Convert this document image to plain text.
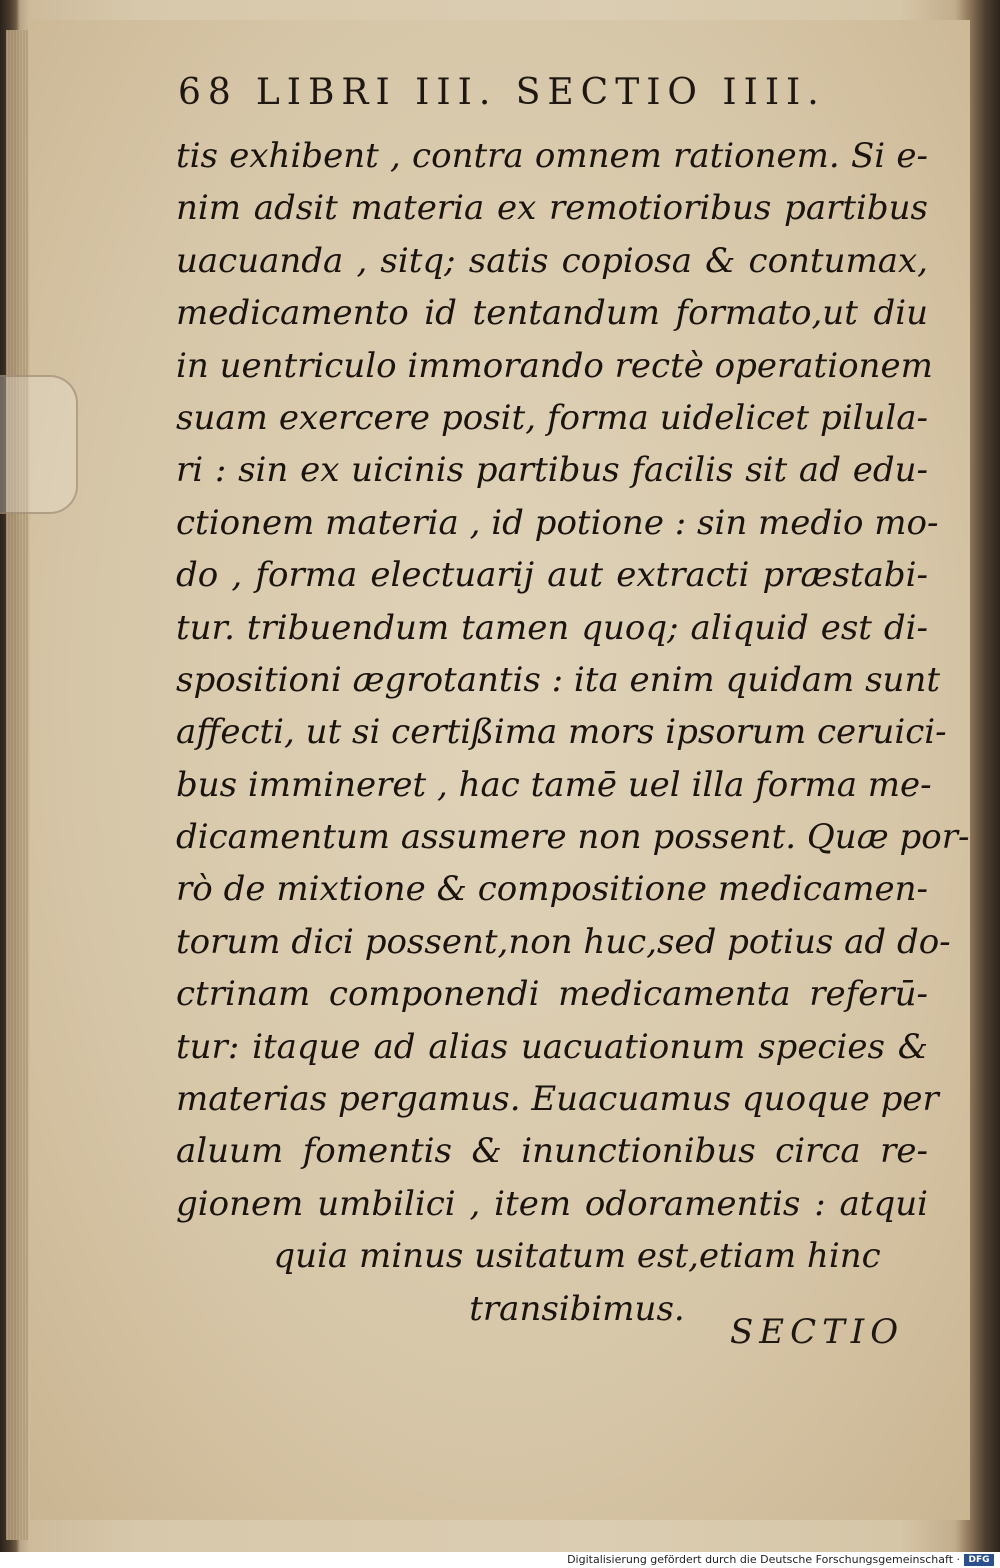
68 LIBRI III. SECTIO IIII.
tis exhibent , contra omnem rationem. Si e-
nim adsit materia ex remotioribus partibus
uacuanda , sitq; satis copiosa & contumax,
medicamento id tentandum formato,ut diu
in uentriculo immorando rectè operationem
suam exercere posit, forma uidelicet pilula-
ri : sin ex uicinis partibus facilis sit ad edu-
ctionem materia , id potione : sin medio mo-
do , forma electuarij aut extracti præstabi-
tur. tribuendum tamen quoq; aliquid est di-
spositioni ægrotantis : ita enim quidam sunt
affecti, ut si certißima mors ipsorum ceruici-
bus immineret , hac tamē uel illa forma me-
dicamentum assumere non possent. Quæ por-
rò de mixtione & compositione medicamen-
torum dici possent,non huc,sed potius ad do-
ctrinam componendi medicamenta referū-
tur: itaque ad alias uacuationum species &
materias pergamus. Euacuamus quoque per
aluum fomentis & inunctionibus circa re-
gionem umbilici , item odoramentis : atqui
quia minus usitatum est,etiam hinc
transibimus.
SECTIO
Digitalisierung gefördert durch die Deutsche Forschungsgemeinschaft · DFG
